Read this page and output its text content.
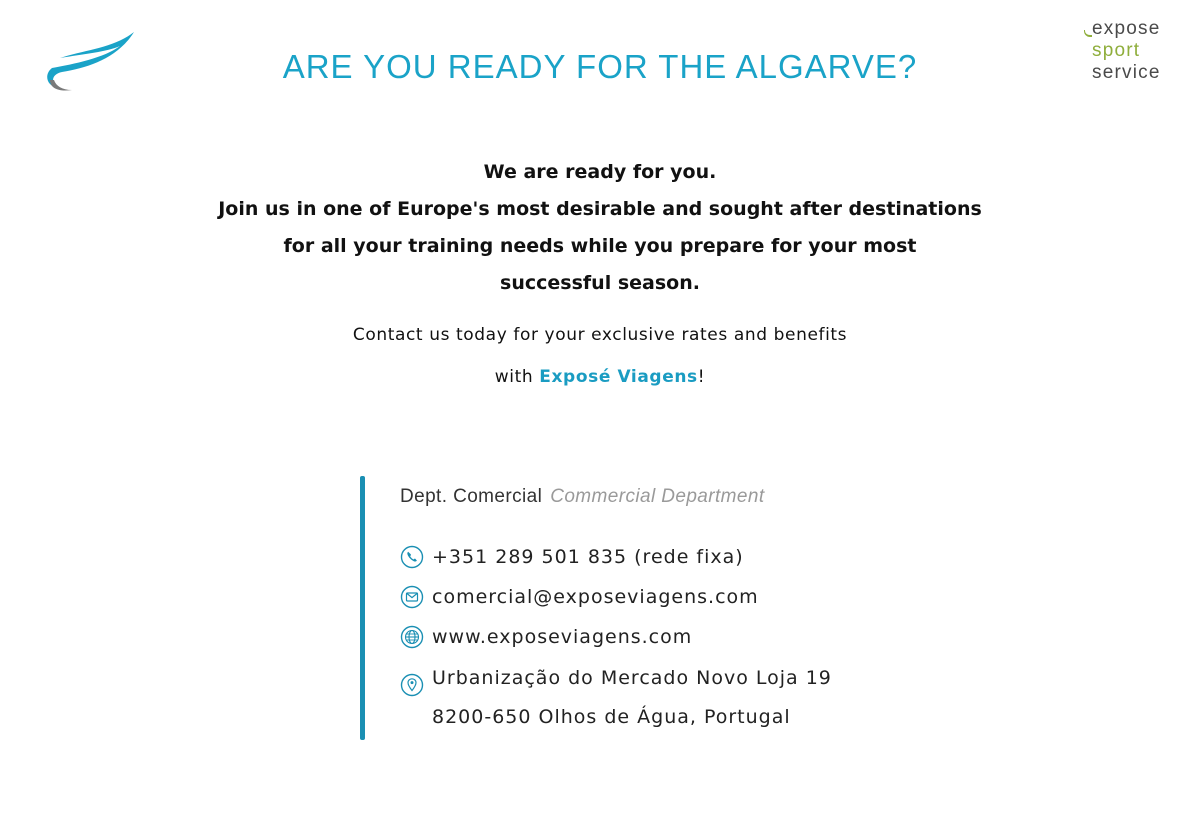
expose
sport
service
ARE YOU READY FOR THE ALGARVE?
We are ready for you.
Join us in one of Europe's most desirable and sought after destinations
for all your training needs while you prepare for your most
successful season.
Contact us today for your exclusive rates and benefits
with Exposé Viagens!
Dept. Comercial Commercial Department
+351 289 501 835 (rede fixa)
comercial@exposeviagens.com
www.exposeviagens.com
Urbanização do Mercado Novo Loja 19
8200-650 Olhos de Água, Portugal
